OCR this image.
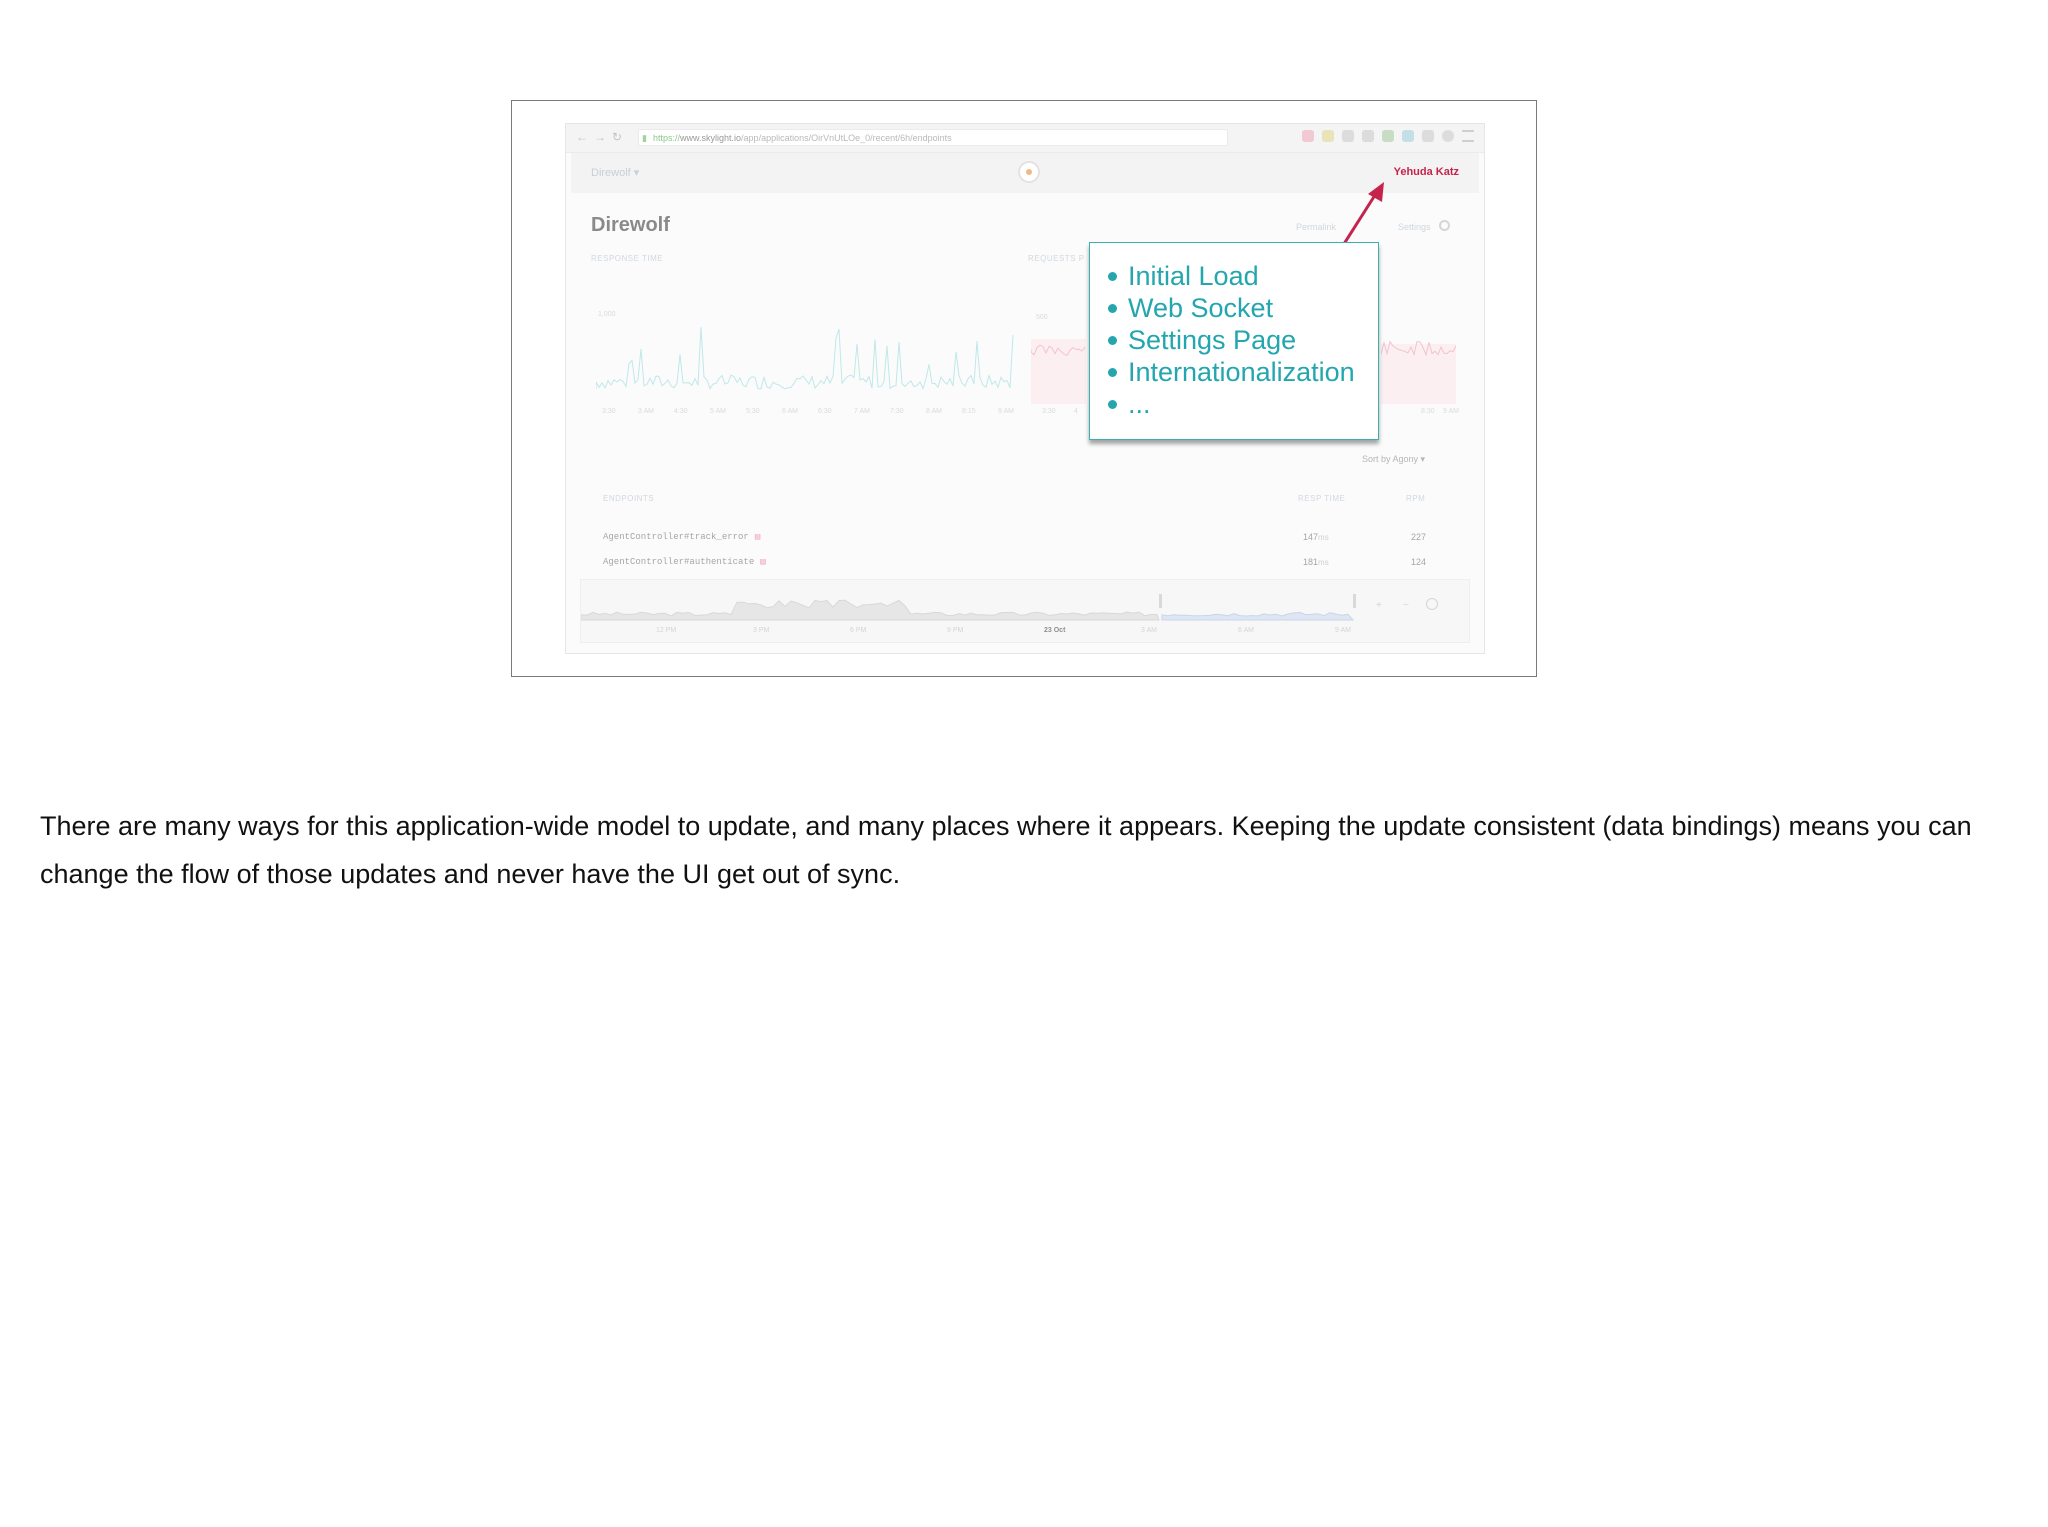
← → ↻ ▮ https://www.skylight.io/app/applications/OirVnUtLOe_0/recent/6h/endpoints
Direwolf ▾	Yehuda Katz
Direwolf	Permalink	Settings
RESPONSE TIME	REQUESTS P
1,000	500
3:30	3 AM	4:30	5 AM	5:30	6 AM	6:30	7 AM	7:30	8 AM	8:15	9 AM	3:30	4	8:30 9 AM
Sort by Agony ▾
ENDPOINTS	RESP TIME	RPM
AgentController#track_error ▤	147ms	227
AgentController#authenticate ▤	181ms	124
+ −
12 PM	3 PM	6 PM	9 PM	23 Oct	3 AM	6 AM	9 AM
Initial Load
Web Socket
Settings Page
Internationalization
...
There are many ways for this application-wide model to update, and many places where it appears. Keeping the update consistent (data bindings) means you can change the flow of those updates and never have the UI get out of sync.
